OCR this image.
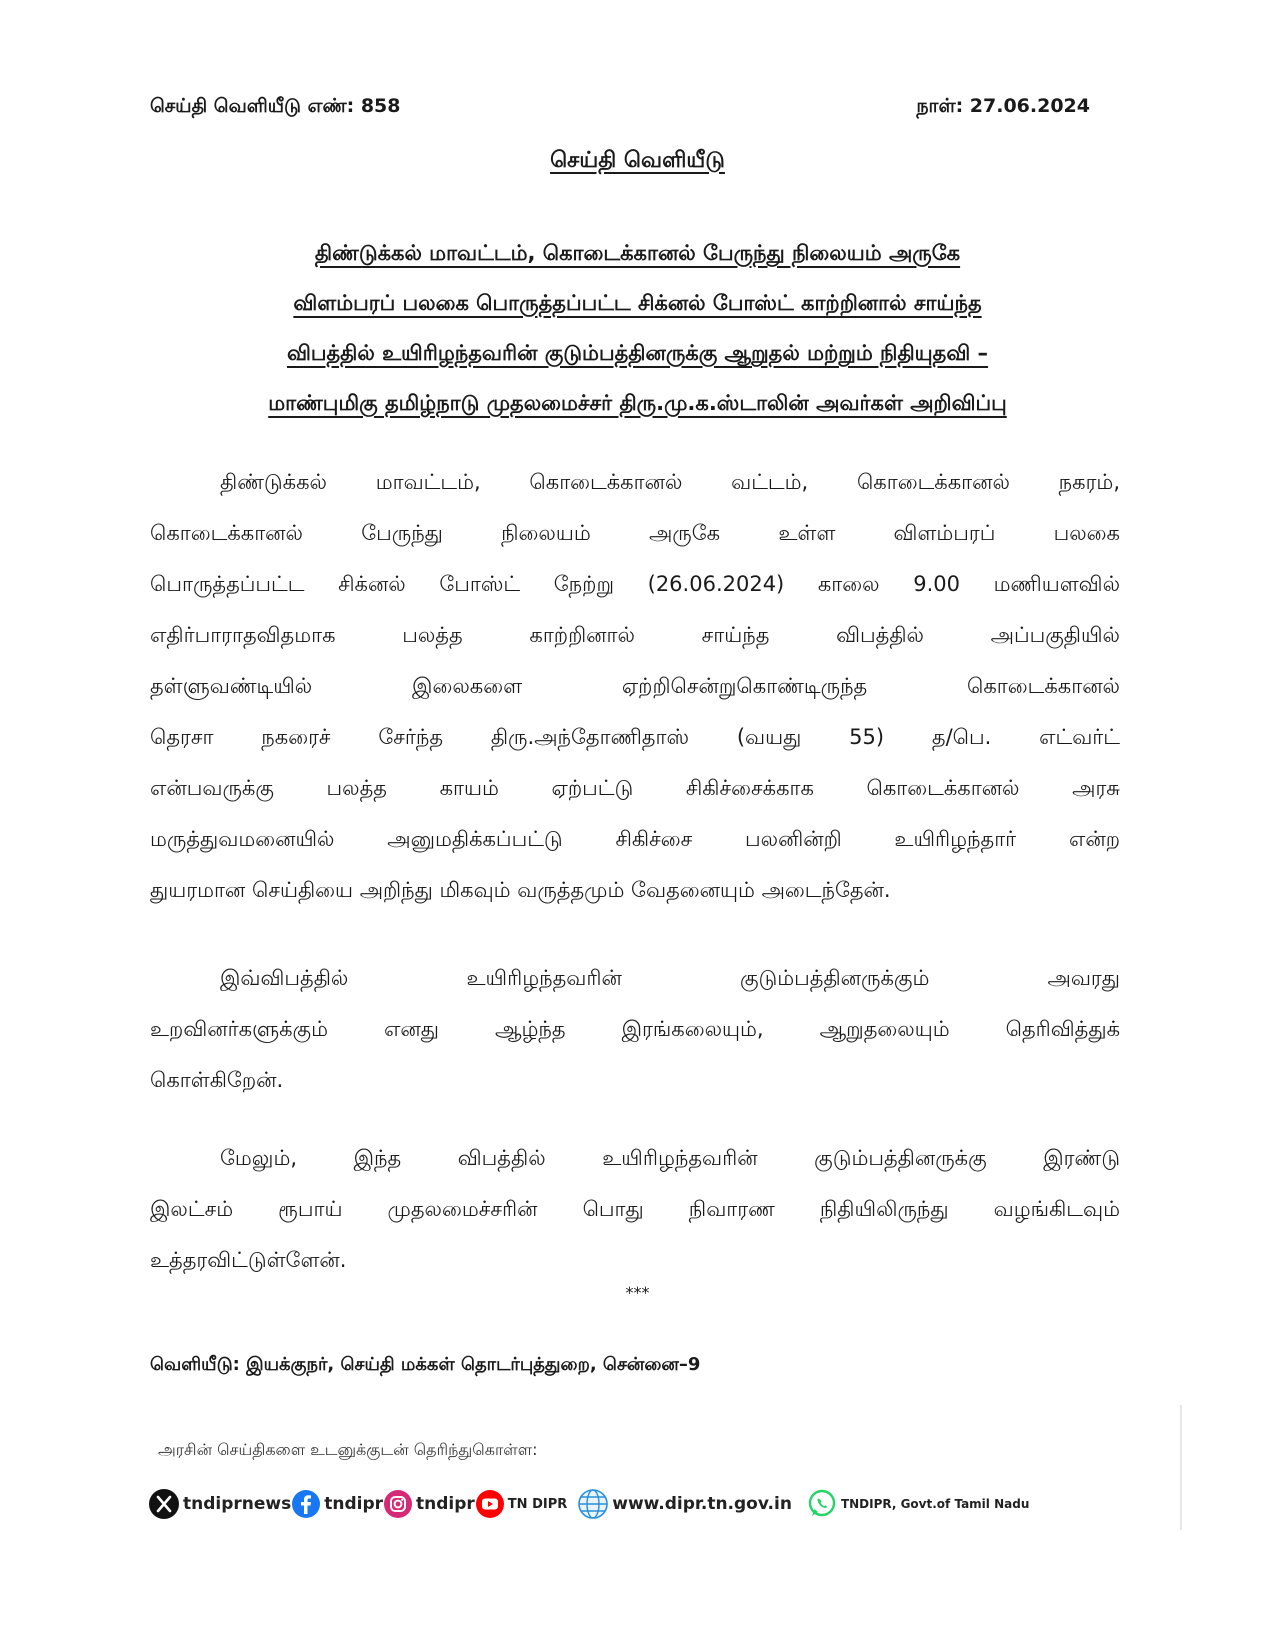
செய்தி வெளியீடு எண்: 858	நாள்: 27.06.2024
செய்தி வெளியீடு
திண்டுக்கல் மாவட்டம், கொடைக்கானல் பேருந்து நிலையம் அருகே
விளம்பரப் பலகை பொருத்தப்பட்ட சிக்னல் போஸ்ட் காற்றினால் சாய்ந்த
விபத்தில் உயிரிழந்தவரின் குடும்பத்தினருக்கு ஆறுதல் மற்றும் நிதியுதவி –
மாண்புமிகு தமிழ்நாடு முதலமைச்சர் திரு.மு.க.ஸ்டாலின் அவர்கள் அறிவிப்பு
திண்டுக்கல் மாவட்டம், கொடைக்கானல் வட்டம், கொடைக்கானல் நகரம்,
கொடைக்கானல் பேருந்து நிலையம் அருகே உள்ள விளம்பரப் பலகை
பொருத்தப்பட்ட சிக்னல் போஸ்ட் நேற்று (26.06.2024) காலை 9.00 மணியளவில்
எதிர்பாராதவிதமாக பலத்த காற்றினால் சாய்ந்த விபத்தில் அப்பகுதியில்
தள்ளுவண்டியில் இலைகளை ஏற்றிசென்றுகொண்டிருந்த கொடைக்கானல்
தெரசா நகரைச் சேர்ந்த திரு.அந்தோணிதாஸ் (வயது 55) த/பெ. எட்வர்ட்
என்பவருக்கு பலத்த காயம் ஏற்பட்டு சிகிச்சைக்காக கொடைக்கானல் அரசு
மருத்துவமனையில் அனுமதிக்கப்பட்டு சிகிச்சை பலனின்றி உயிரிழந்தார் என்ற
துயரமான செய்தியை அறிந்து மிகவும் வருத்தமும் வேதனையும் அடைந்தேன்.
இவ்விபத்தில் உயிரிழந்தவரின் குடும்பத்தினருக்கும் அவரது
உறவினர்களுக்கும் எனது ஆழ்ந்த இரங்கலையும், ஆறுதலையும் தெரிவித்துக்
கொள்கிறேன்.
மேலும், இந்த விபத்தில் உயிரிழந்தவரின் குடும்பத்தினருக்கு இரண்டு
இலட்சம் ரூபாய் முதலமைச்சரின் பொது நிவாரண நிதியிலிருந்து வழங்கிடவும்
உத்தரவிட்டுள்ளேன்.
***
வெளியீடு: இயக்குநர், செய்தி மக்கள் தொடர்புத்துறை, சென்னை–9
அரசின் செய்திகளை உடனுக்குடன் தெரிந்துகொள்ள:
tndiprnews tndipr tndipr	TN DIPR	www.dipr.tn.gov.in	TNDIPR, Govt.of Tamil Nadu
